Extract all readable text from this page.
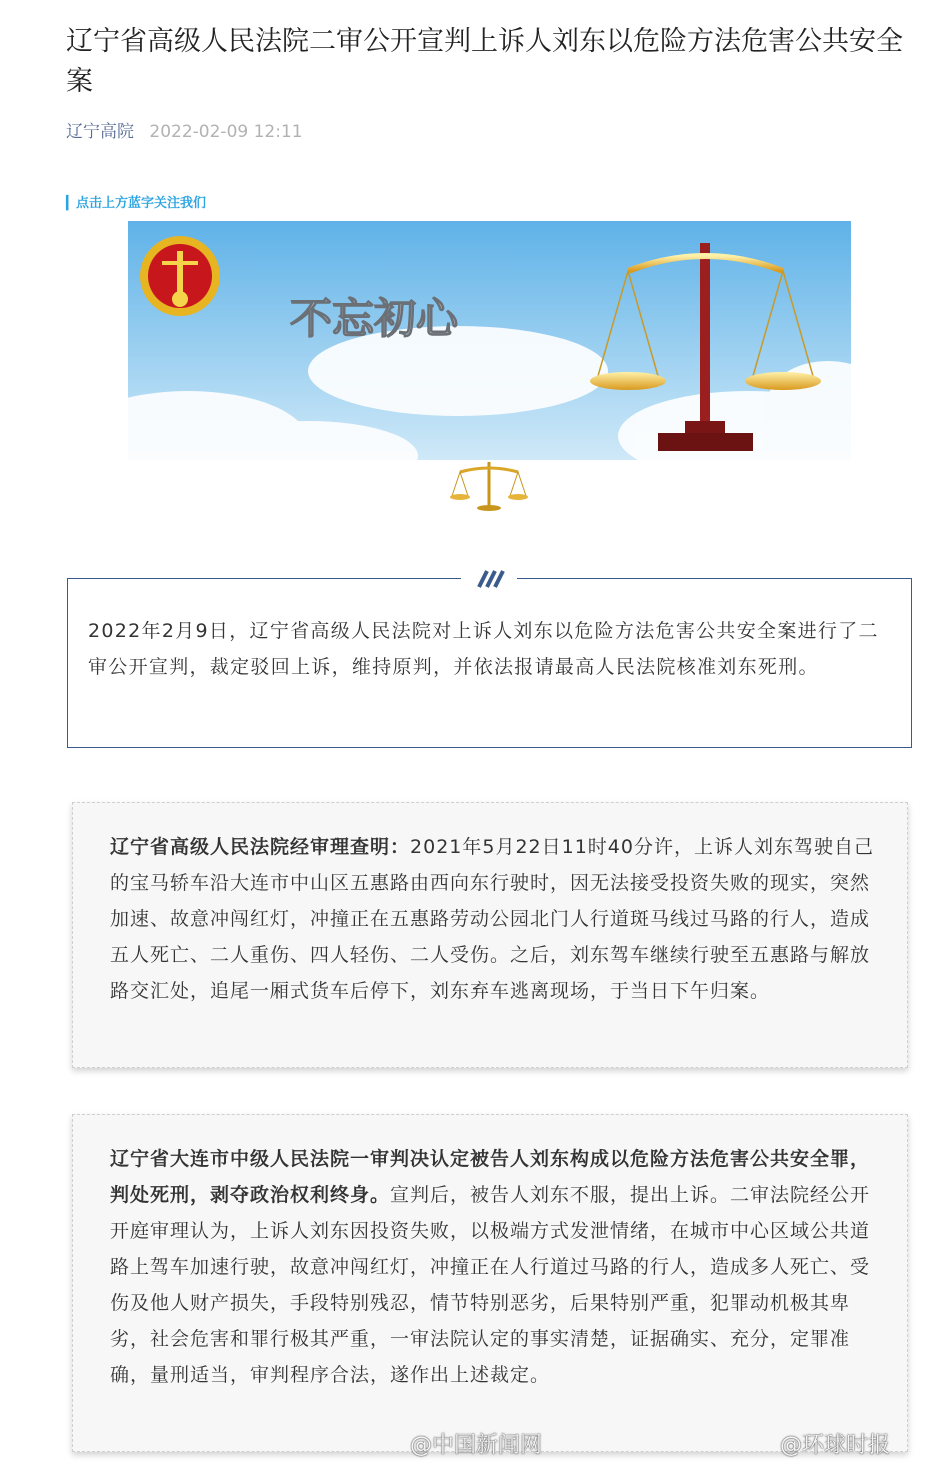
辽宁省高级人民法院二审公开宣判上诉人刘东以危险方法危害公共安全案
辽宁高院 2022-02-09 12:11
▎点击上方蓝字关注我们
不忘初心

2022年2月9日，辽宁省高级人民法院对上诉人刘东以危险方法危害公共安全案进行了二审公开宣判，裁定驳回上诉，维持原判，并依法报请最高人民法院核准刘东死刑。

辽宁省高级人民法院经审理查明：2021年5月22日11时40分许，上诉人刘东驾驶自己的宝马轿车沿大连市中山区五惠路由西向东行驶时，因无法接受投资失败的现实，突然加速、故意冲闯红灯，冲撞正在五惠路劳动公园北门人行道斑马线过马路的行人，造成五人死亡、二人重伤、四人轻伤、二人受伤。之后，刘东驾车继续行驶至五惠路与解放路交汇处，追尾一厢式货车后停下，刘东弃车逃离现场，于当日下午归案。

辽宁省大连市中级人民法院一审判决认定被告人刘东构成以危险方法危害公共安全罪，判处死刑，剥夺政治权利终身。宣判后，被告人刘东不服，提出上诉。二审法院经公开开庭审理认为，上诉人刘东因投资失败，以极端方式发泄情绪，在城市中心区域公共道路上驾车加速行驶，故意冲闯红灯，冲撞正在人行道过马路的行人，造成多人死亡、受伤及他人财产损失，手段特别残忍，情节特别恶劣，后果特别严重，犯罪动机极其卑劣，社会危害和罪行极其严重，一审法院认定的事实清楚，证据确实、充分，定罪准确，量刑适当，审判程序合法，遂作出上述裁定。

@中国新闻网	@环球时报
